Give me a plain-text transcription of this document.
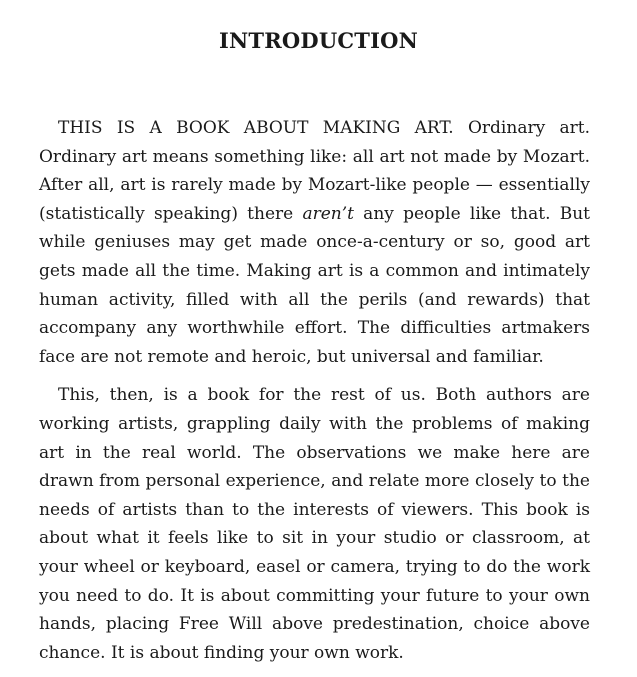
INTRODUCTION

THIS IS A BOOK ABOUT MAKING ART. Ordinary art. Ordinary art means something like: all art not made by Mozart. After all, art is rarely made by Mozart-like people — essentially (statistically speaking) there aren’t any people like that. But while geniuses may get made once-a-century or so, good art gets made all the time. Making art is a common and intimately human activity, filled with all the perils (and rewards) that accompany any worthwhile effort. The difficulties artmakers face are not remote and heroic, but universal and familiar.

This, then, is a book for the rest of us. Both authors are working artists, grappling daily with the problems of making art in the real world. The observations we make here are drawn from personal experience, and relate more closely to the needs of artists than to the interests of viewers. This book is about what it feels like to sit in your studio or classroom, at your wheel or keyboard, easel or camera, trying to do the work you need to do. It is about committing your future to your own hands, placing Free Will above predestination, choice above chance. It is about finding your own work.
